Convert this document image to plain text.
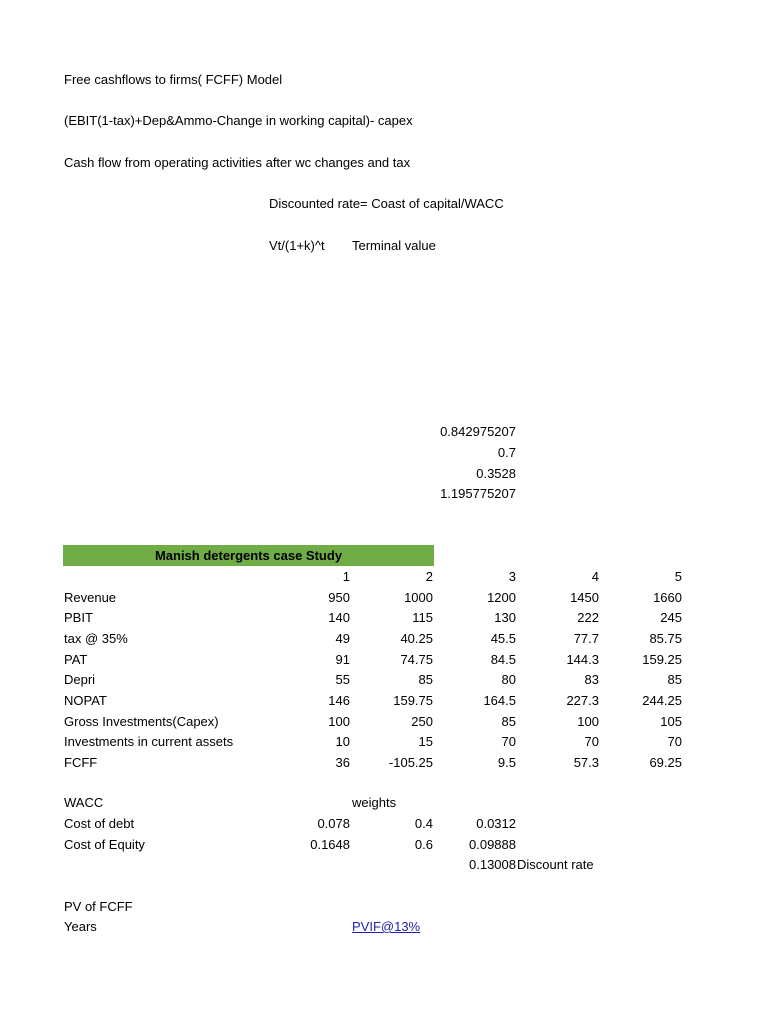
Free cashflows to firms( FCFF) Model
(EBIT(1-tax)+Dep&Ammo-Change in working capital)- capex
Cash flow from operating activities after wc changes and tax
Discounted rate= Coast of capital/WACC
Vt/(1+k)^t Terminal value
0.842975207
0.7
0.3528
1.195775207
Manish detergents case Study
1	2	3	4	5
Revenue	950	1000	1200	1450	1660
PBIT	140	115	130	222	245
tax @ 35%	49	40.25	45.5	77.7	85.75
PAT	91	74.75	84.5	144.3	159.25
Depri	55	85	80	83	85
NOPAT	146	159.75	164.5	227.3	244.25
Gross Investments(Capex)	100	250	85	100	105
Investments in current assets	10	15	70	70	70
FCFF	36	-105.25	9.5	57.3	69.25
WACC	weights
Cost of debt	0.078	0.4	0.0312
Cost of Equity	0.1648	0.6	0.09888
0.13008 Discount rate
PV of FCFF
Years	PVIF@13%
